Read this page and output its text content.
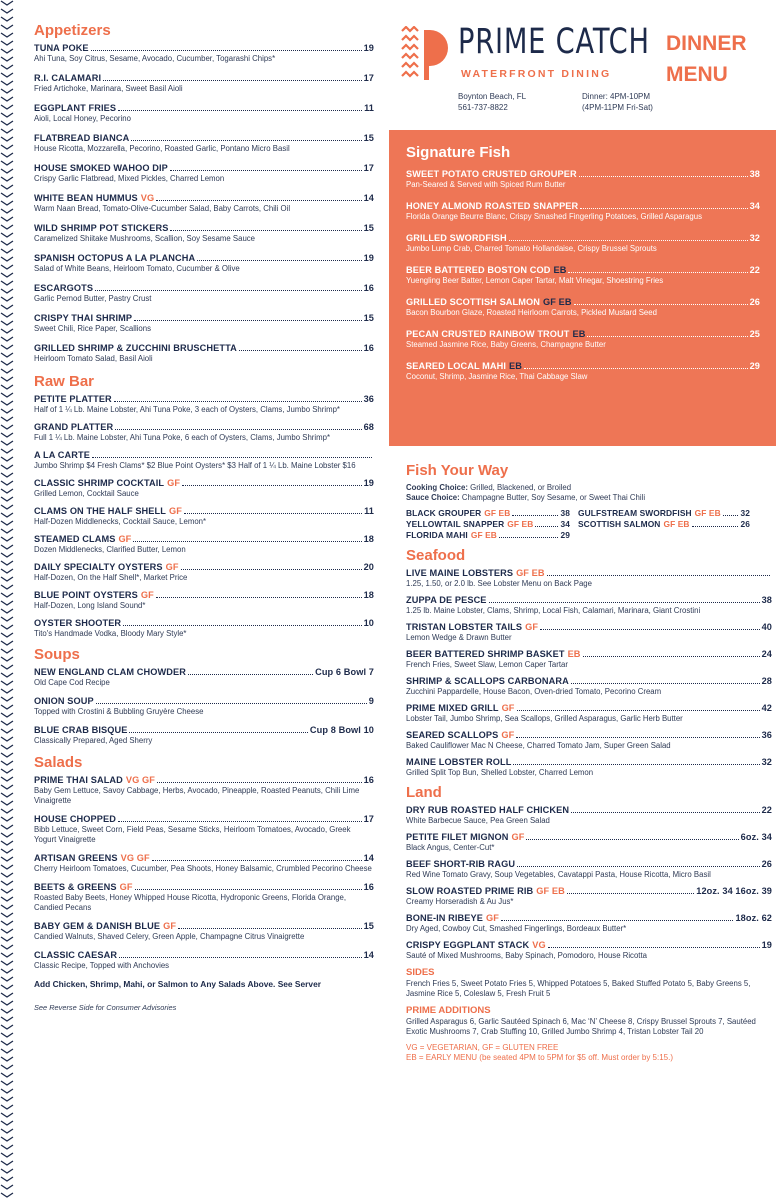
Appetizers
TUNA POKE	19
Ahi Tuna, Soy Citrus, Sesame, Avocado, Cucumber, Togarashi Chips*
R.I. CALAMARI	17
Fried Artichoke, Marinara, Sweet Basil Aioli
EGGPLANT FRIES	11
Aioli, Local Honey, Pecorino
FLATBREAD BIANCA	15
House Ricotta, Mozzarella, Pecorino, Roasted Garlic, Pontano Micro Basil
HOUSE SMOKED WAHOO DIP	17
Crispy Garlic Flatbread, Mixed Pickles, Charred Lemon
WHITE BEAN HUMMUS VG	14
Warm Naan Bread, Tomato-Olive-Cucumber Salad, Baby Carrots, Chili Oil
WILD SHRIMP POT STICKERS	15
Caramelized Shiitake Mushrooms, Scallion, Soy Sesame Sauce
SPANISH OCTOPUS A LA PLANCHA	19
Salad of White Beans, Heirloom Tomato, Cucumber & Olive
ESCARGOTS	16
Garlic Pernod Butter, Pastry Crust
CRISPY THAI SHRIMP	15
Sweet Chili, Rice Paper, Scallions
GRILLED SHRIMP & ZUCCHINI BRUSCHETTA	16
Heirloom Tomato Salad, Basil Aioli
Raw Bar
PETITE PLATTER	36
Half of 1 ¼ Lb. Maine Lobster, Ahi Tuna Poke, 3 each of Oysters, Clams, Jumbo Shrimp*
GRAND PLATTER	68
Full 1 ¼ Lb. Maine Lobster, Ahi Tuna Poke, 6 each of Oysters, Clams, Jumbo Shrimp*
A LA CARTE
Jumbo Shrimp $4 Fresh Clams* $2 Blue Point Oysters* $3 Half of 1 ¼ Lb. Maine Lobster $16
CLASSIC SHRIMP COCKTAIL GF	19
Grilled Lemon, Cocktail Sauce
CLAMS ON THE HALF SHELL GF	11
Half-Dozen Middlenecks, Cocktail Sauce, Lemon*
STEAMED CLAMS GF	18
Dozen Middlenecks, Clarified Butter, Lemon
DAILY SPECIALTY OYSTERS GF	20
Half-Dozen, On the Half Shell*, Market Price
BLUE POINT OYSTERS GF	18
Half-Dozen, Long Island Sound*
OYSTER SHOOTER	10
Tito's Handmade Vodka, Bloody Mary Style*
Soups
NEW ENGLAND CLAM CHOWDER	Cup 6 Bowl 7
Old Cape Cod Recipe
ONION SOUP	9
Topped with Crostini & Bubbling Gruyère Cheese
BLUE CRAB BISQUE	Cup 8 Bowl 10
Classically Prepared, Aged Sherry
Salads
PRIME THAI SALAD VG GF	16
Baby Gem Lettuce, Savoy Cabbage, Herbs, Avocado, Pineapple, Roasted Peanuts, Chili Lime Vinaigrette
HOUSE CHOPPED	17
Bibb Lettuce, Sweet Corn, Field Peas, Sesame Sticks, Heirloom Tomatoes, Avocado, Greek Yogurt Vinaigrette
ARTISAN GREENS VG GF	14
Cherry Heirloom Tomatoes, Cucumber, Pea Shoots, Honey Balsamic, Crumbled Pecorino Cheese
BEETS & GREENS GF	16
Roasted Baby Beets, Honey Whipped House Ricotta, Hydroponic Greens, Florida Orange, Candied Pecans
BABY GEM & DANISH BLUE GF	15
Candied Walnuts, Shaved Celery, Green Apple, Champagne Citrus Vinaigrette
CLASSIC CAESAR	14
Classic Recipe, Topped with Anchovies
Add Chicken, Shrimp, Mahi, or Salmon to Any Salads Above. See Server
See Reverse Side for Consumer Advisories
PRIME CATCH
WATERFRONT DINING
Boynton Beach, FL
561-737-8822
Dinner: 4PM-10PM
(4PM-11PM Fri-Sat)
DINNER
MENU
Signature Fish
SWEET POTATO CRUSTED GROUPER	38
Pan-Seared & Served with Spiced Rum Butter
HONEY ALMOND ROASTED SNAPPER	34
Florida Orange Beurre Blanc, Crispy Smashed Fingerling Potatoes, Grilled Asparagus
GRILLED SWORDFISH	32
Jumbo Lump Crab, Charred Tomato Hollandaise, Crispy Brussel Sprouts
BEER BATTERED BOSTON COD EB	22
Yuengling Beer Batter, Lemon Caper Tartar, Malt Vinegar, Shoestring Fries
GRILLED SCOTTISH SALMON GF EB	26
Bacon Bourbon Glaze, Roasted Heirloom Carrots, Pickled Mustard Seed
PECAN CRUSTED RAINBOW TROUT EB	25
Steamed Jasmine Rice, Baby Greens, Champagne Butter
SEARED LOCAL MAHI EB	29
Coconut, Shrimp, Jasmine Rice, Thai Cabbage Slaw
Fish Your Way
Cooking Choice: Grilled, Blackened, or Broiled
Sauce Choice: Champagne Butter, Soy Sesame, or Sweet Thai Chili
BLACK GROUPER GF EB	38
YELLOWTAIL SNAPPER GF EB	34
FLORIDA MAHI GF EB	29
GULFSTREAM SWORDFISH GF EB 32
SCOTTISH SALMON GF EB	26
Seafood
LIVE MAINE LOBSTERS GF EB
1.25, 1.50, or 2.0 lb. See Lobster Menu on Back Page
ZUPPA DE PESCE	38
1.25 lb. Maine Lobster, Clams, Shrimp, Local Fish, Calamari, Marinara, Giant Crostini
TRISTAN LOBSTER TAILS GF	40
Lemon Wedge & Drawn Butter
BEER BATTERED SHRIMP BASKET EB	24
French Fries, Sweet Slaw, Lemon Caper Tartar
SHRIMP & SCALLOPS CARBONARA	28
Zucchini Pappardelle, House Bacon, Oven-dried Tomato, Pecorino Cream
PRIME MIXED GRILL GF	42
Lobster Tail, Jumbo Shrimp, Sea Scallops, Grilled Asparagus, Garlic Herb Butter
SEARED SCALLOPS GF	36
Baked Cauliflower Mac N Cheese, Charred Tomato Jam, Super Green Salad
MAINE LOBSTER ROLL	32
Grilled Split Top Bun, Shelled Lobster, Charred Lemon
Land
DRY RUB ROASTED HALF CHICKEN	22
White Barbecue Sauce, Pea Green Salad
PETITE FILET MIGNON GF	6oz. 34
Black Angus, Center-Cut*
BEEF SHORT-RIB RAGU	26
Red Wine Tomato Gravy, Soup Vegetables, Cavatappi Pasta, House Ricotta, Micro Basil
SLOW ROASTED PRIME RIB GF EB	12oz. 34 16oz. 39
Creamy Horseradish & Au Jus*
BONE-IN RIBEYE GF	18oz. 62
Dry Aged, Cowboy Cut, Smashed Fingerlings, Bordeaux Butter*
CRISPY EGGPLANT STACK VG	19
Sauté of Mixed Mushrooms, Baby Spinach, Pomodoro, House Ricotta
SIDES
French Fries 5, Sweet Potato Fries 5, Whipped Potatoes 5, Baked Stuffed Potato 5, Baby Greens 5, Jasmine Rice 5, Coleslaw 5, Fresh Fruit 5
PRIME ADDITIONS
Grilled Asparagus 6, Garlic Sautéed Spinach 6, Mac ‘N’ Cheese 8, Crispy Brussel Sprouts 7, Sautéed Exotic Mushrooms 7, Crab Stuffing 10, Grilled Jumbo Shrimp 4, Tristan Lobster Tail 20
VG = VEGETARIAN, GF = GLUTEN FREE
EB = EARLY MENU (be seated 4PM to 5PM for $5 off. Must order by 5:15.)
